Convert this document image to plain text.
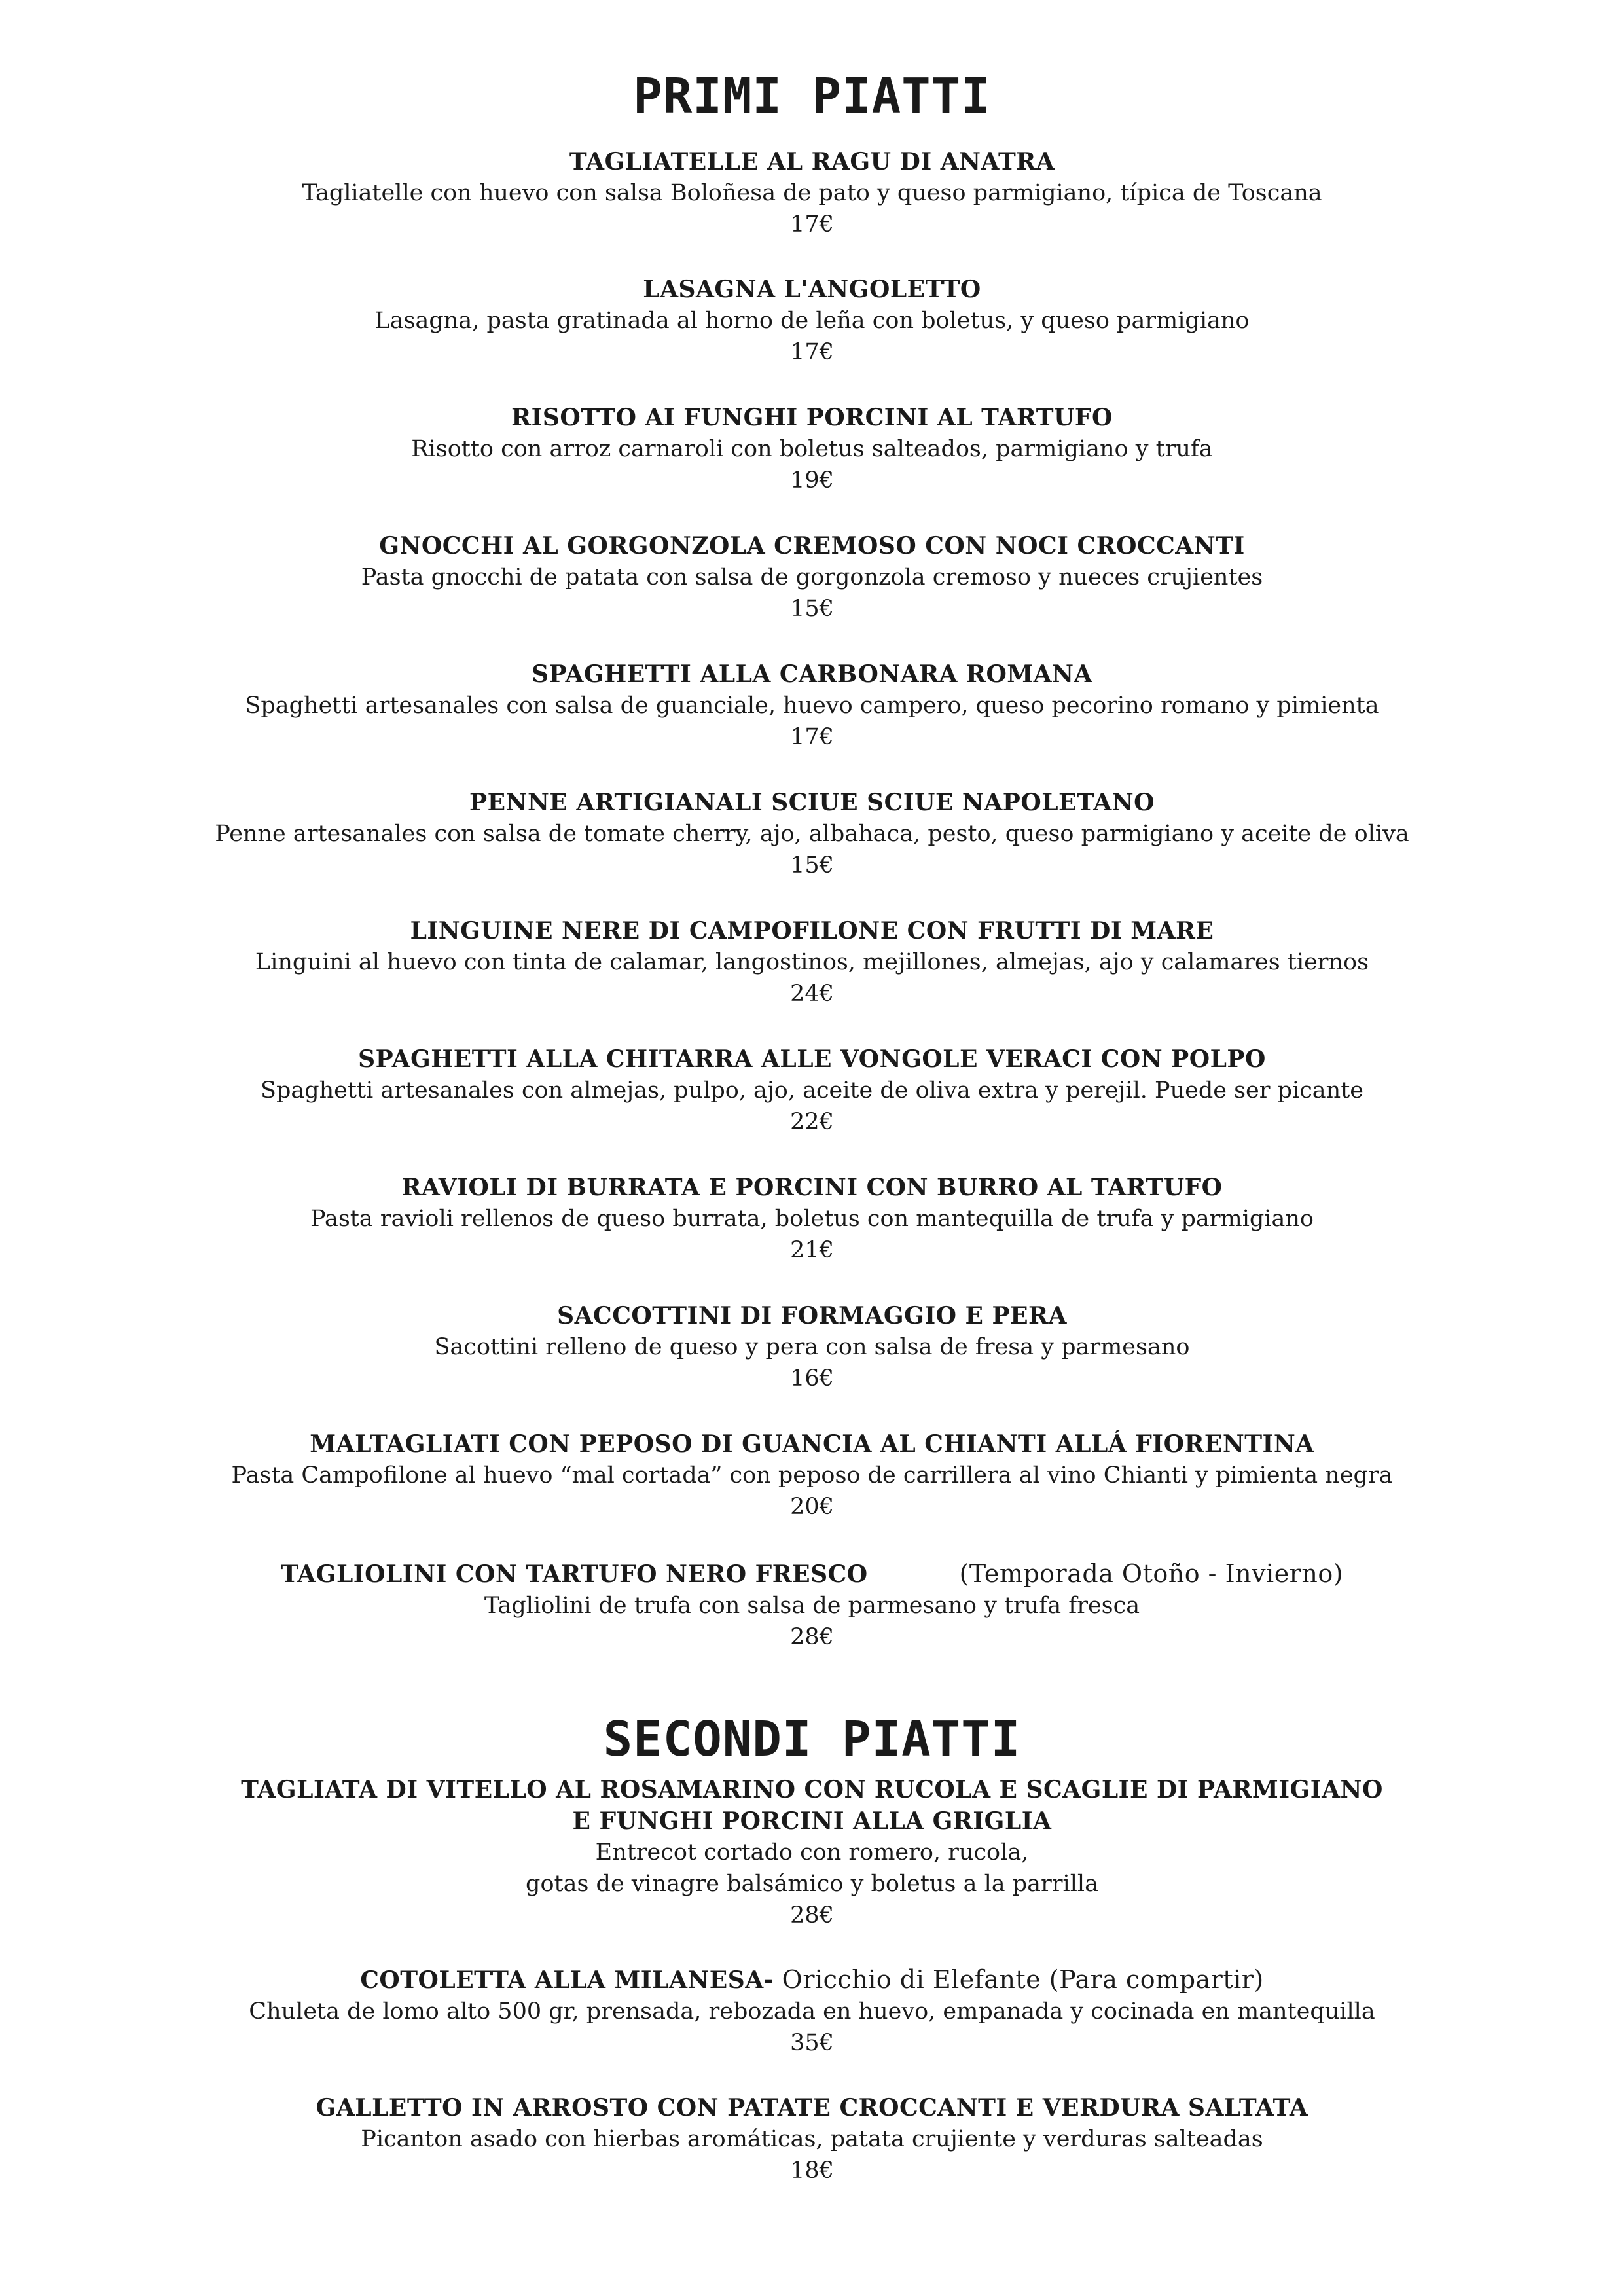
PRIMI PIATTI
TAGLIATELLE AL RAGU DI ANATRA
Tagliatelle con huevo con salsa Boloñesa de pato y queso parmigiano, típica de Toscana
17€
LASAGNA L'ANGOLETTO
Lasagna, pasta gratinada al horno de leña con boletus, y queso parmigiano
17€
RISOTTO AI FUNGHI PORCINI AL TARTUFO
Risotto con arroz carnaroli con boletus salteados, parmigiano y trufa
19€
GNOCCHI AL GORGONZOLA CREMOSO CON NOCI CROCCANTI
Pasta gnocchi de patata con salsa de gorgonzola cremoso y nueces crujientes
15€
SPAGHETTI ALLA CARBONARA ROMANA
Spaghetti artesanales con salsa de guanciale, huevo campero, queso pecorino romano y pimienta
17€
PENNE ARTIGIANALI SCIUE SCIUE NAPOLETANO
Penne artesanales con salsa de tomate cherry, ajo, albahaca, pesto, queso parmigiano y aceite de oliva
15€
LINGUINE NERE DI CAMPOFILONE CON FRUTTI DI MARE
Linguini al huevo con tinta de calamar, langostinos, mejillones, almejas, ajo y calamares tiernos
24€
SPAGHETTI ALLA CHITARRA ALLE VONGOLE VERACI CON POLPO
Spaghetti artesanales con almejas, pulpo, ajo, aceite de oliva extra y perejil. Puede ser picante
22€
RAVIOLI DI BURRATA E PORCINI CON BURRO AL TARTUFO
Pasta ravioli rellenos de queso burrata, boletus con mantequilla de trufa y parmigiano
21€
SACCOTTINI DI FORMAGGIO E PERA
Sacottini relleno de queso y pera con salsa de fresa y parmesano
16€
MALTAGLIATI CON PEPOSO DI GUANCIA AL CHIANTI ALLÁ FIORENTINA
Pasta Campofilone al huevo “mal cortada” con peposo de carrillera al vino Chianti y pimienta negra
20€
TAGLIOLINI CON TARTUFO NERO FRESCO	(Temporada Otoño - Invierno)
Tagliolini de trufa con salsa de parmesano y trufa fresca
28€
SECONDI PIATTI
TAGLIATA DI VITELLO AL ROSAMARINO CON RUCOLA E SCAGLIE DI PARMIGIANO
E FUNGHI PORCINI ALLA GRIGLIA
Entrecot cortado con romero, rucola,
gotas de vinagre balsámico y boletus a la parrilla
28€
COTOLETTA ALLA MILANESA- Oricchio di Elefante (Para compartir)
Chuleta de lomo alto 500 gr, prensada, rebozada en huevo, empanada y cocinada en mantequilla
35€
GALLETTO IN ARROSTO CON PATATE CROCCANTI E VERDURA SALTATA
Picanton asado con hierbas aromáticas, patata crujiente y verduras salteadas
18€
